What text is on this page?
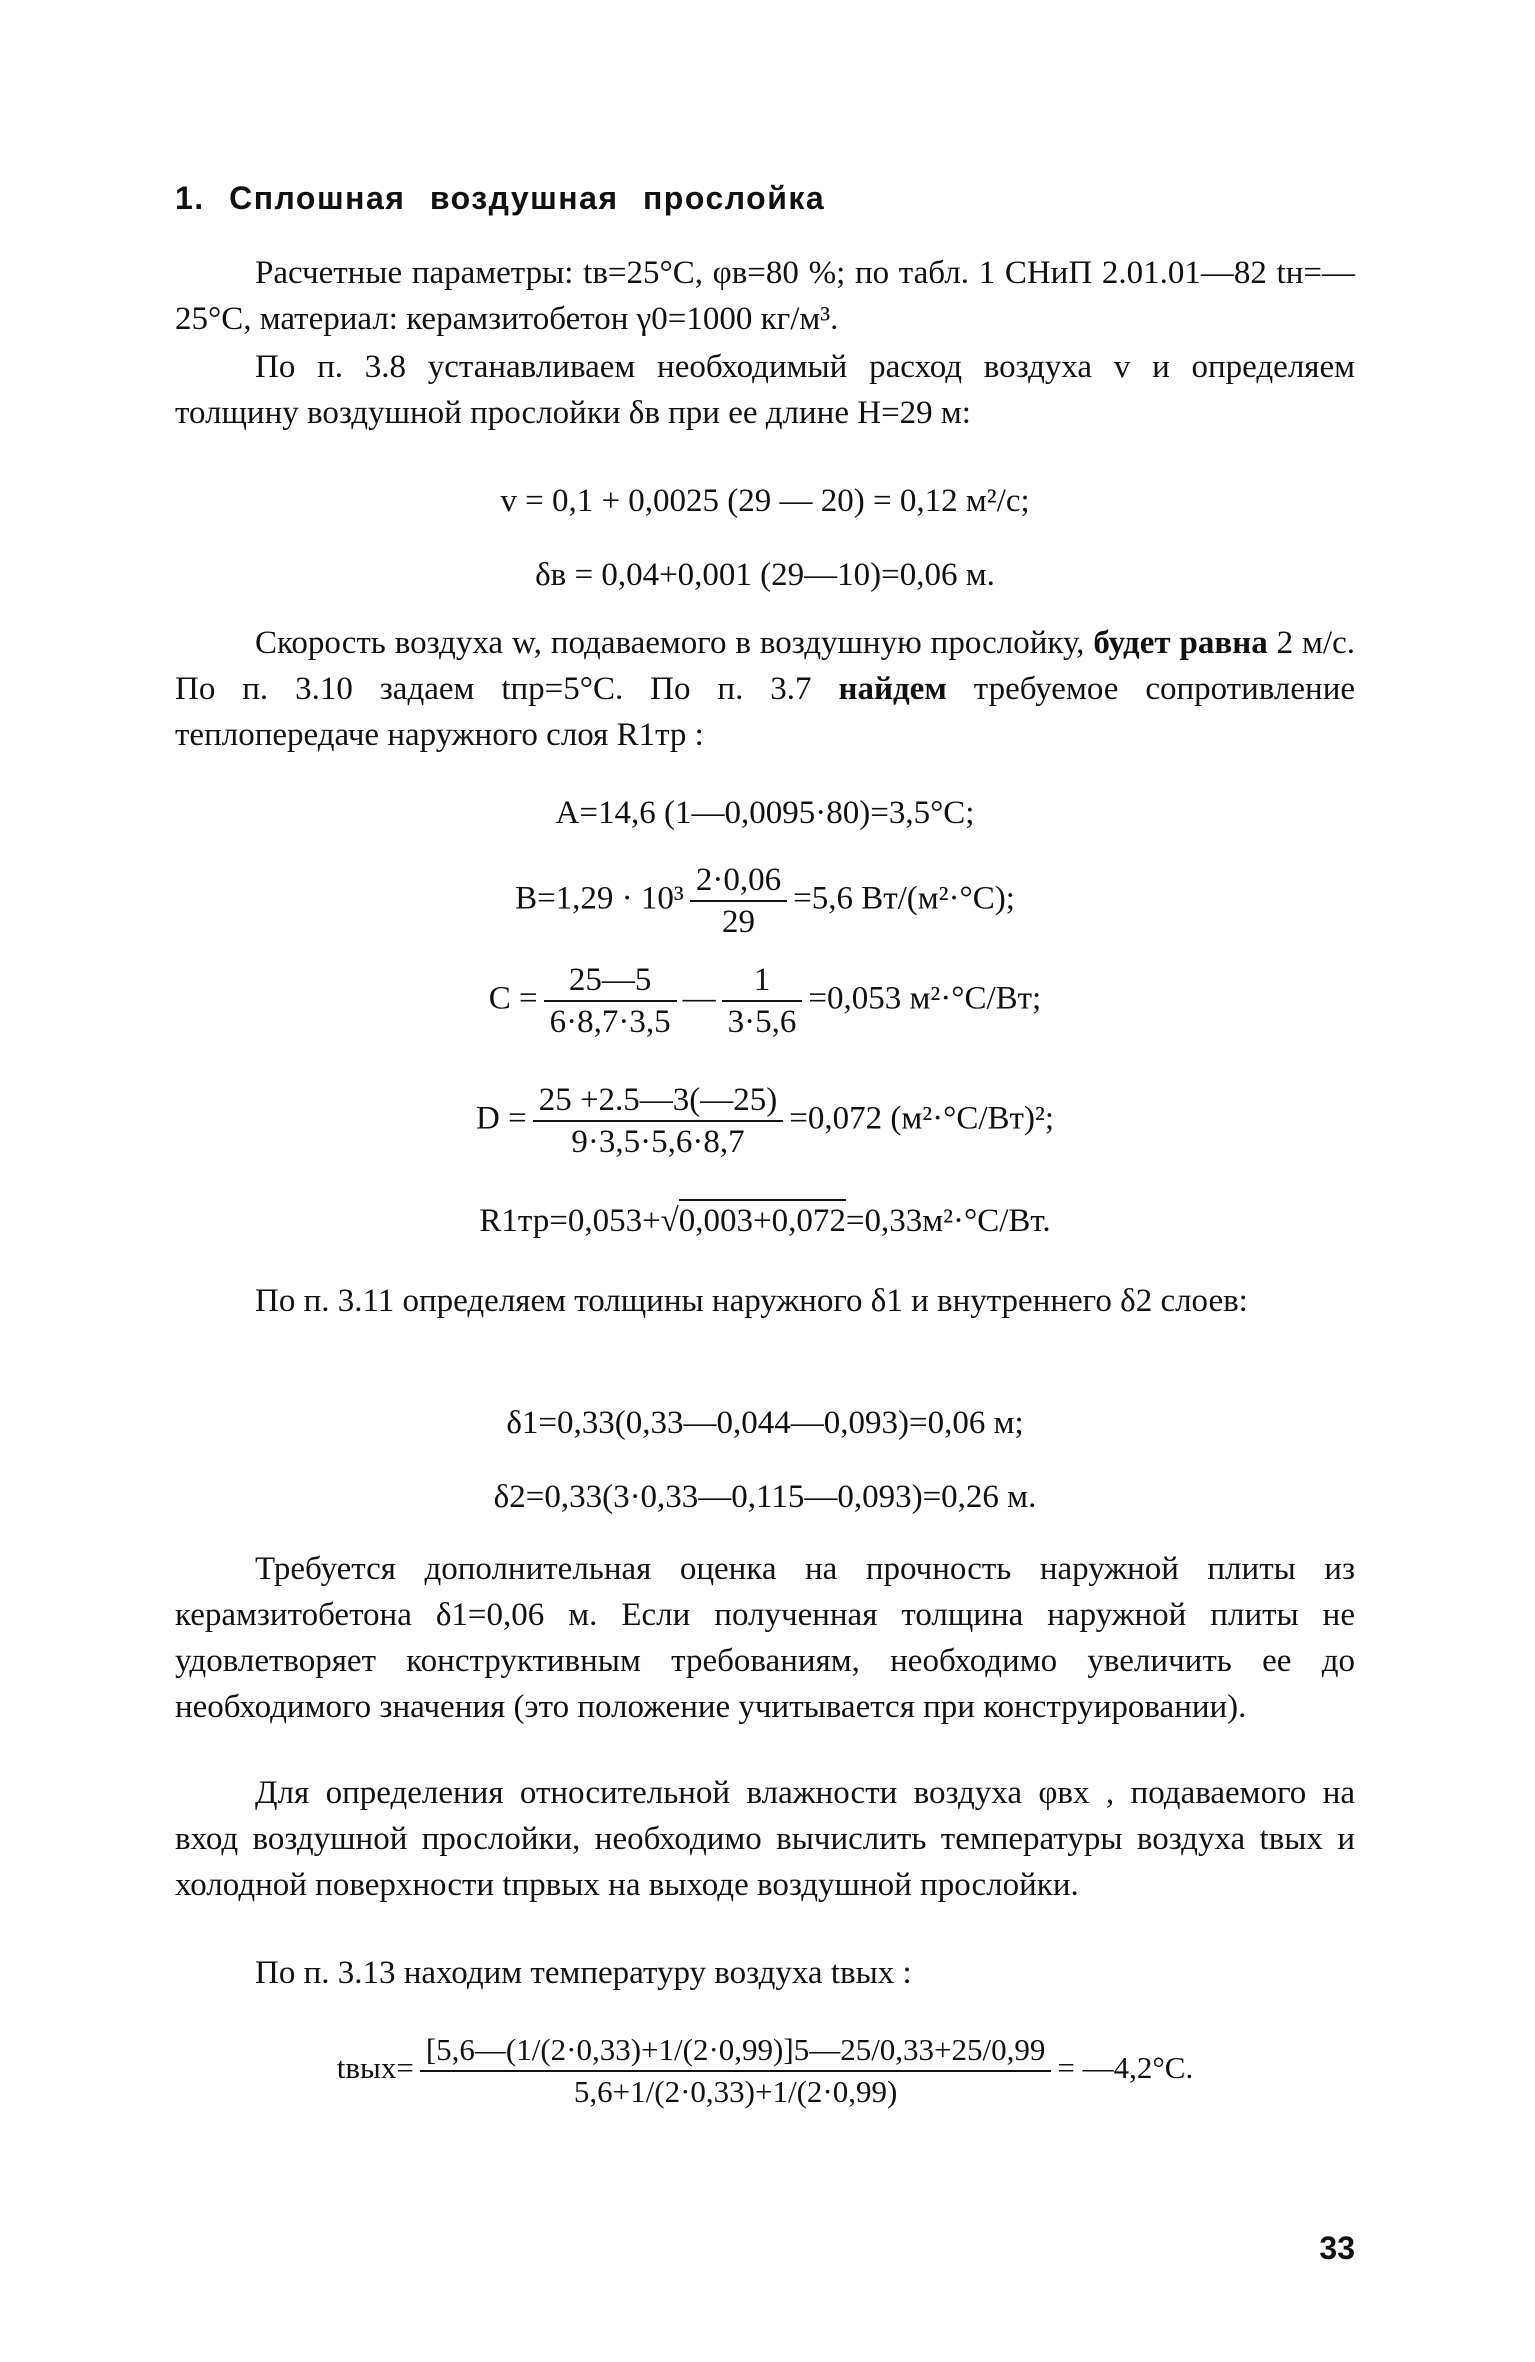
1. Сплошная воздушная прослойка

Расчетные параметры: tв=25°С, φв=80 %; по табл. 1 СНиП 2.01.01—82 tн=—25°С, материал: керамзитобетон γ0=1000 кг/м³.

По п. 3.8 устанавливаем необходимый расход воздуха v и определяем толщину воздушной прослойки δв при ее длине H=29 м:

v = 0,1 + 0,0025 (29 — 20) = 0,12 м²/с;
δв = 0,04+0,001 (29—10)=0,06 м.

Скорость воздуха w, подаваемого в воздушную прослойку, будет равна 2 м/с. По п. 3.10 задаем tпр=5°С. По п. 3.7 найдем требуемое сопротивление теплопередаче наружного слоя R1тр :

A=14,6 (1—0,0095·80)=3,5°С;
$B=1,29 \cdot 10^3 \frac{2\cdot 0,06}{29} =5,6$ Вт/(м²·°С);
$C = \frac{25—5}{6\cdot 8,7\cdot 3,5}$ — $\frac{1}{3\cdot 5,6} =0,053$ м²·°С/Вт;
$D = \frac{25 +2.5—3(—25)}{9\cdot 3,5\cdot 5,6\cdot 8,7} =0,072$ (м²·°С/Вт)²;
R1тр=0,053+√0,003+0,072=0,33м²·°С/Вт.

По п. 3.11 определяем толщины наружного δ1 и внутреннего δ2 слоев:

δ1=0,33(0,33—0,044—0,093)=0,06 м;
δ2=0,33(3·0,33—0,115—0,093)=0,26 м.

Требуется дополнительная оценка на прочность наружной плиты из керамзитобетона δ1=0,06 м. Если полученная толщина наружной плиты не удовлетворяет конструктивным требованиям, необходимо увеличить ее до необходимого значения (это положение учитывается при конструировании).

Для определения относительной влажности воздуха φвх , подаваемого на вход воздушной прослойки, необходимо вычислить температуры воздуха tвых и холодной поверхности tпрвых на выходе воздушной прослойки.

По п. 3.13 находим температуру воздуха tвых :

tвых= $\frac{[5,6—(1/(2\cdot 0,33)+1/(2\cdot 0,99)]5—25/0,33+25/0,99}{5,6+1/(2\cdot 0,33)+1/(2\cdot 0,99)}$ = —4,2°С.
33
